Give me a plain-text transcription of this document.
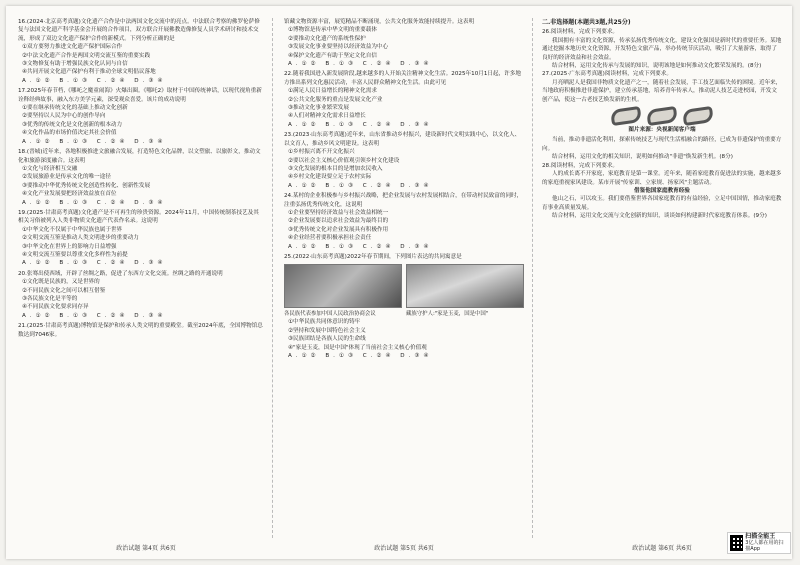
16.(2024·北京高考真题)文化遗产合作是中法两国文化交流中的亮点。中法联合考察的佛罗伦萨修复与法国文化遗产科学基金会开展的合作项目，双方联合开展佛教造像修复人员学术研讨和技术交流，形成了双边文化遗产保护合作的新模式。下列分析正确的是
①双方要努力推进文化遗产保护国际合作
②中法文化遗产合作是两国文明交流互鉴的重要实践
③文物修复有助于增强民族文化认同与自信
④共同开展文化遗产保护有利于推动全球文明倡议落地
A.①② B.①③ C.②④ D.③④
17.2025年春节档,《哪吒之魔童闹海》火爆出圈。《哪吒2》取材于中国传统神话，以现代视角重新诠释经典故事，融入东方美学元素，深受观众喜爱。该片的成功说明
①要在继承传统文化的基础上推动文化创新
②要坚持以人民为中心的创作导向
③优秀的传统文化是文化创新的根本动力
④文化作品的市场价值决定其社会价值
A.①② B.①③ C.②④ D.③④
18.(晋城)近年来，各地积极推进文旅融合发展，打造特色文化品牌，以文塑旅、以旅彰文，推动文化和旅游深度融合。这表明
①文化与经济相互交融
②发展旅游业是传承文化的唯一途径
③要推动中华优秀传统文化创造性转化、创新性发展
④文化产业发展要把经济效益放在首位
A.①② B.①③ C.②④ D.③④
19.(2025·甘肃高考真题)文化遗产是不可再生的珍贵资源。2024年11月，中国传统制茶技艺及其相关习俗被列入人类非物质文化遗产代表作名录。这说明
①中华文化不仅属于中华民族也属于世界
②文明交流互鉴是推动人类文明进步的重要动力
③中华文化在世界上的影响力日益增强
④文明交流互鉴要以尊重文化多样性为前提
A.①② B.①③ C.②④ D.③④
20.张骞出使西域，开辟了丝绸之路，促进了东西方文化交流。丝绸之路的开通说明
①文化既是民族的，又是世界的
②不同民族文化之间可以相互借鉴
③各民族文化是平等的
④不同民族文化要求同存异
A.①② B.①③ C.②④ D.③④
21.(2025·甘肃高考真题)博物馆是保护和传承人类文明的重要殿堂。截至2024年底，全国博物馆总数达到7046家。
馆藏文物资源丰富，展览精品不断涌现，公共文化服务效能持续提升。这表明
①博物馆是传承中华文明的重要载体
②要推动文化遗产的系统性保护
③发展文化事业要坚持以经济效益为中心
④保护文化遗产有助于坚定文化自信
A.①② B.①③ C.②④ D.③④
22.随着我国进入新发展阶段,越来越多的人开始关注精神文化生活。2025年10月1日起，许多地方推出系列文化惠民活动，丰富人民群众精神文化生活。由此可见
①满足人民日益增长的精神文化需求
②公共文化服务的重点是发展文化产业
③推动文化事业繁荣发展
④人们对精神文化需求日益增长
A.①② B.①③ C.②④ D.③④
23.(2023·山东高考真题)近年来，山东省推动乡村振兴，建设新时代文明实践中心，以文化人、以文育人，推动乡风文明建设。这表明
①乡村振兴离不开文化振兴
②要以社会主义核心价值观引领乡村文化建设
③文化发展的根本目的是增加农民收入
④乡村文化建设要立足于农村实际
A.①② B.①③ C.②④ D.③④
24.某村的企业积极参与乡村振兴战略，把企业发展与农村发展相结合，在带动村民致富的同时，注重弘扬优秀传统文化，这说明
①企业要坚持经济效益与社会效益相统一
②企业发展要以追求社会效益为最终目的
③优秀传统文化对企业发展具有积极作用
④企业经营者要积极承担社会责任
A.①② B.①③ C.②④ D.③④
25.(2022·山东高考真题)2022年春节期间，下列图片表达的共同寓意是
各民族代表参加中国人民政治协商会议	藏族守护人:"家是玉麦，国是中国"
①中华民族共同体意识的铸牢
②坚持和发展中国特色社会主义
③民族团结是各族人民的生命线
④"家是玉麦，国是中国"体现了当前社会主义核心价值观
A.①② B.①③ C.②④ D.③④
二.非选择题(本题共3题,共25分)
26.阅读材料，完成下列要求。
我国拥有丰富的文化资源，传承弘扬优秀传统文化，建设文化强国是新时代的重要任务。某地通过挖掘本地历史文化资源，开发特色文旅产品，举办传统节庆活动，吸引了大量游客，取得了良好的经济效益和社会效益。
结合材料，运用文化传承与发展的知识，说明该地是如何推动文化繁荣发展的。(8分)
27.(2025·广东高考真题)阅读材料，完成下列要求。
月亮晒泥人是我国非物质文化遗产之一，随着社会发展，手工技艺面临失传的困境。近年来，当地政府积极推进非遗保护，建立传承基地，培养青年传承人，推动泥人技艺走进校园，开发文创产品，使这一古老技艺焕发新的生机。
图片来源：央视新闻客户端
当前，推动非遗活化利用，探索传统技艺与现代生活相融合的路径，已成为非遗保护的重要方向。
结合材料，运用文化的相关知识，说明如何推动"非遗"焕发新生机。(8分)
28.阅读材料，完成下列要求。
人的成长离不开家庭，家庭教育是第一课堂。近年来，随着家庭教育促进法的实施，越来越多的家庭重视家风建设。某市开展"传家训、立家规、扬家风"主题活动。
借鉴他国家庭教育经验
他山之石，可以攻玉。我们要借鉴世界各国家庭教育的有益经验，立足中国国情，推动家庭教育事业高质量发展。
结合材料，运用文化交流与文化创新的知识，谈谈如何构建新时代家庭教育体系。(9分)
政治试题 第4页 共6页	政治试题 第5页 共6页	政治试题 第6页 共6页
扫描全能王
3亿人都在用的扫描App
